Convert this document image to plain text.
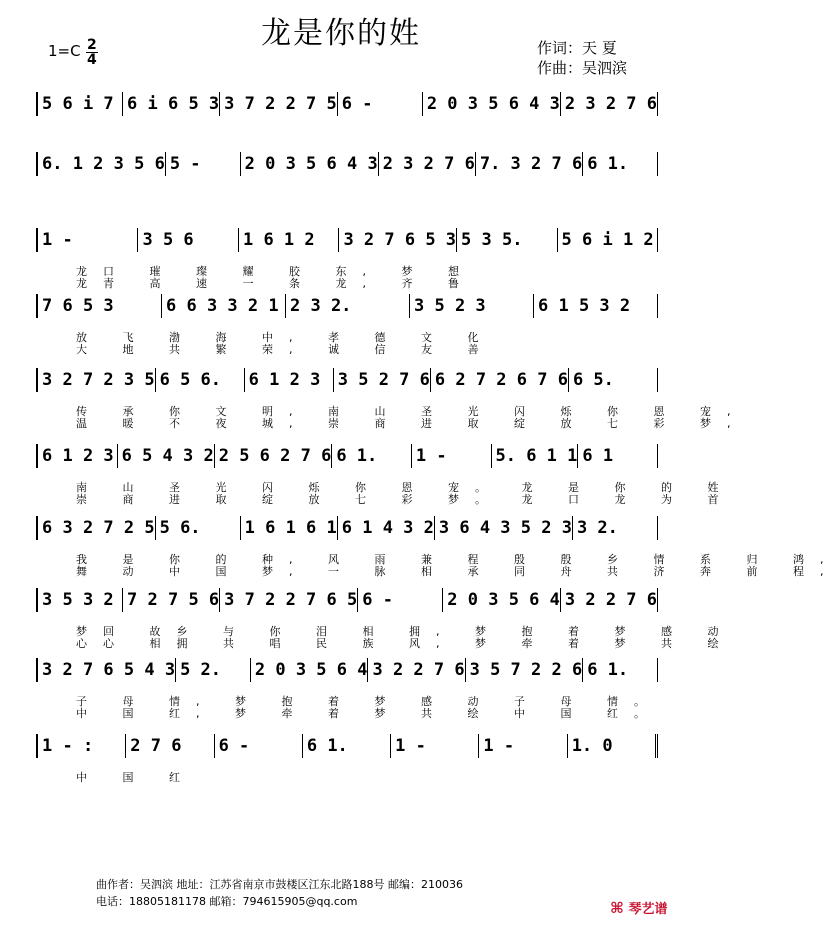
龙是你的姓
1=C 2
4
作词：天 夏
作曲：吴泗滨
5 6 i 7 6 i 6 5 3 3 7 2 2 7 5 6 -	2 0 3 5 6 4 3 2 3 2 7 6
6. 1 2 3 5 6 5 -	2 0 3 5 6 4 3 2 3 2 7 6 7. 3 2 7 6 6 1.
1 -	3 5 6	1 6 1 2	3 2 7 6 5 3 5 3 5.	5 6 i 1 2
龙口 璀 璨 耀 胶 东, 梦 想
龙青 高 速 一 条 龙, 齐 鲁
7 6 5 3	6 6 3 3 2 1 2 3 2.	3 5 2 3	6 1 5 3 2
放 飞 渤 海 中, 孝 德 文 化
大 地 共 繁 荣, 诚 信 友 善
3 2 7 2 3 5 6 5 6.	6 1 2 3	3 5 2 7 6 6 2 7 2 6 7 6 6 5.
传 承 你 文 明, 南 山 圣 光 闪 烁 你 恩 宠,
温 暖 不 夜 城, 崇 商 进 取 绽 放 七 彩 梦,
6 1 2 3 6 5 4 3 2 2 5 6 2 7 6 6 1.	1 -	5. 6 1 1 6 1
南 山 圣 光 闪 烁 你 恩 宠。 龙 是 你 的 姓
崇 商 进 取 绽 放 七 彩 梦。 龙 口 龙 为 首
6 3 2 7 2 5 5 6.	1 6 1 6 1 6 1 4 3 2 3 6 4 3 5 2 3 3 2.
我 是 你 的 种, 风 雨 兼 程 殷 殷 乡 情 系 归 鸿,
舞 动 中 国 梦, 一 脉 相 承 同 舟 共 济 奔 前 程,
3 5 3 2 7 2 7 5 6 3 7 2 2 7 6 5 6 -	2 0 3 5 6 4 3 2 2 7 6
梦回 故乡 与 你 泪 相 拥, 梦 抱 着 梦 感 动
心心 相拥 共 唱 民 族 风, 梦 牵 着 梦 共 绘
3 2 7 6 5 4 3 5 2.	2 0 3 5 6 4 3 2 2 7 6 3 5 7 2 2 6 6 1.
子 母 情, 梦 抱 着 梦 感 动 子 母 情。
中 国 红, 梦 牵 着 梦 共 绘 中 国 红。
1 - :	2 7 6	6 -	6 1.	1 -	1 -	1. 0
中 国 红
曲作者：吴泗滨 地址：江苏省南京市鼓楼区江东北路188号 邮编：210036
电话：18805181178 邮箱：794615905@qq.com	⌘ 琴艺谱
